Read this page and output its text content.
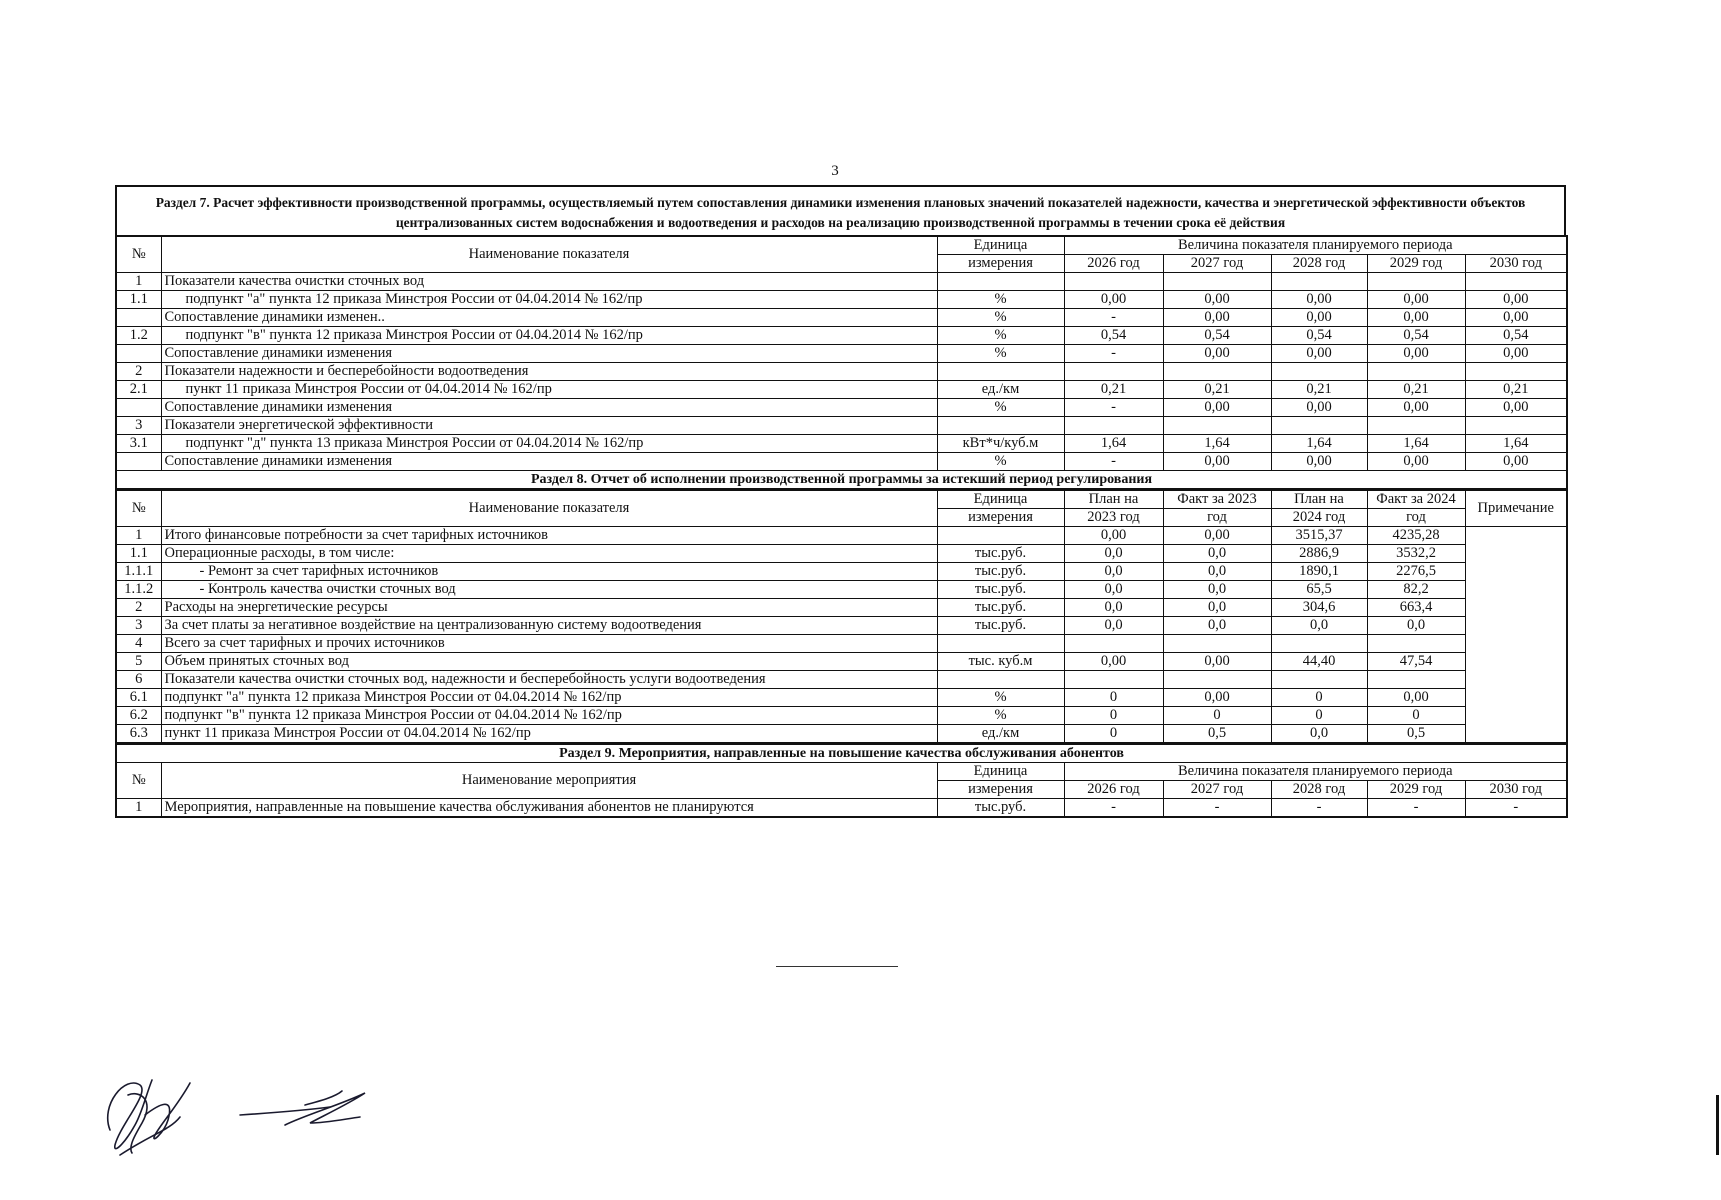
3
Раздел 7. Расчет эффективности производственной программы, осуществляемый путем сопоставления динамики изменения плановых значений показателей надежности, качества и энергетической эффективности объектов централизованных систем водоснабжения и водоотведения и расходов на реализацию производственной программы в течении срока её действия
№	Наименование показателя	Единица	Величина показателя планируемого периода				
		измерения	2026 год	2027 год	2028 год	2029 год	2030 год
1	Показатели качества очистки сточных вод						
1.1	подпункт "а" пункта 12 приказа Минстроя России от 04.04.2014 № 162/пр	%	0,00	0,00	0,00	0,00	0,00
	Сопоставление динамики изменен..	%	-	0,00	0,00	0,00	0,00
1.2	подпункт "в" пункта 12 приказа Минстроя России от 04.04.2014 № 162/пр	%	0,54	0,54	0,54	0,54	0,54
	Сопоставление динамики изменения	%	-	0,00	0,00	0,00	0,00
2	Показатели надежности и бесперебойности водоотведения						
2.1	пункт 11 приказа Минстроя России от 04.04.2014 № 162/пр	ед./км	0,21	0,21	0,21	0,21	0,21
	Сопоставление динамики изменения	%	-	0,00	0,00	0,00	0,00
3	Показатели энергетической эффективности						
3.1	подпункт "д" пункта 13 приказа Минстроя России от 04.04.2014 № 162/пр	кВт*ч/куб.м	1,64	1,64	1,64	1,64	1,64
	Сопоставление динамики изменения	%	-	0,00	0,00	0,00	0,00
Раздел 8. Отчет об исполнении производственной программы за истекший период регулирования							
№	Наименование показателя	Единица	План на	Факт за 2023	План на	Факт за 2024	Примечание
		измерения	2023 год	год	2024 год	год	
1	Итого финансовые потребности за счет тарифных источников		0,00	0,00	3515,37	4235,28	
1.1	Операционные расходы, в том числе:	тыс.руб.	0,0	0,0	2886,9	3532,2	
1.1.1	- Ремонт за счет тарифных источников	тыс.руб.	0,0	0,0	1890,1	2276,5	
1.1.2	- Контроль качества очистки сточных вод	тыс.руб.	0,0	0,0	65,5	82,2	
2	Расходы на энергетические ресурсы	тыс.руб.	0,0	0,0	304,6	663,4	
3	За счет платы за негативное воздействие на централизованную систему водоотведения	тыс.руб.	0,0	0,0	0,0	0,0	
4	Всего за счет тарифных и прочих источников						
5	Объем принятых сточных вод	тыс. куб.м	0,00	0,00	44,40	47,54	
6	Показатели качества очистки сточных вод, надежности и бесперебойность услуги водоотведения						
6.1	подпункт "а" пункта 12 приказа Минстроя России от 04.04.2014 № 162/пр	%	0	0,00	0	0,00	
6.2	подпункт "в" пункта 12 приказа Минстроя России от 04.04.2014 № 162/пр	%	0	0	0	0	
6.3	пункт 11 приказа Минстроя России от 04.04.2014 № 162/пр	ед./км	0	0,5	0,0	0,5	
Раздел 9. Мероприятия, направленные на повышение качества обслуживания абонентов							
№	Наименование мероприятия	Единица	Величина показателя планируемого периода				
		измерения	2026 год	2027 год	2028 год	2029 год	2030 год
1	Мероприятия, направленные на повышение качества обслуживания абонентов не планируются	тыс.руб.	-	-	-	-	-
